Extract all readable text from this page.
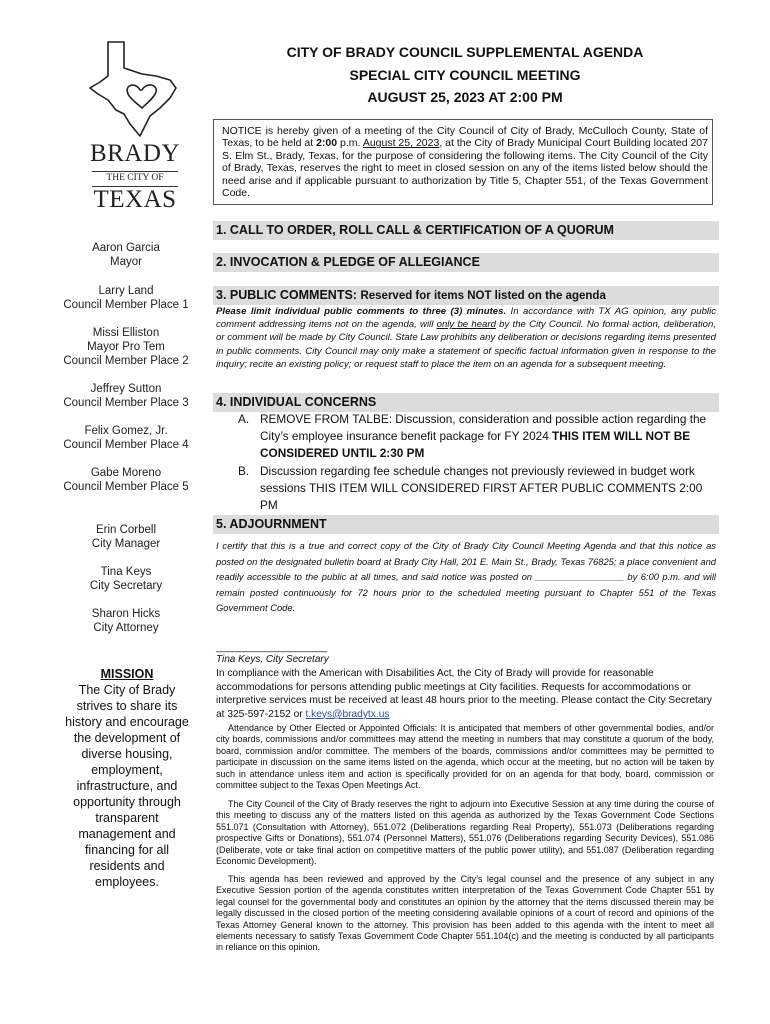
BRADY
THE CITY OF
TEXAS
Aaron Garcia
Mayor
Larry Land
Council Member Place 1
Missi Elliston
Mayor Pro Tem
Council Member Place 2
Jeffrey Sutton
Council Member Place 3
Felix Gomez, Jr.
Council Member Place 4
Gabe Moreno
Council Member Place 5
Erin Corbell
City Manager
Tina Keys
City Secretary
Sharon Hicks
City Attorney
MISSION
The City of Brady strives to share its history and encourage the development of diverse housing, employment, infrastructure, and opportunity through transparent management and financing for all residents and employees.
CITY OF BRADY COUNCIL SUPPLEMENTAL AGENDA
SPECIAL CITY COUNCIL MEETING
AUGUST 25, 2023 AT 2:00 PM
NOTICE is hereby given of a meeting of the City Council of City of Brady, McCulloch County, State of Texas, to be held at 2:00 p.m. August 25, 2023, at the City of Brady Municipal Court Building located 207 S. Elm St., Brady, Texas, for the purpose of considering the following items. The City Council of the City of Brady, Texas, reserves the right to meet in closed session on any of the items listed below should the need arise and if applicable pursuant to authorization by Title 5, Chapter 551, of the Texas Government Code.
1. CALL TO ORDER, ROLL CALL & CERTIFICATION OF A QUORUM
2. INVOCATION & PLEDGE OF ALLEGIANCE
3. PUBLIC COMMENTS: Reserved for items NOT listed on the agenda
Please limit individual public comments to three (3) minutes. In accordance with TX AG opinion, any public comment addressing items not on the agenda, will only be heard by the City Council. No formal action, deliberation, or comment will be made by City Council. State Law prohibits any deliberation or decisions regarding items presented in public comments. City Council may only make a statement of specific factual information given in response to the inquiry; recite an existing policy; or request staff to place the item on an agenda for a subsequent meeting.
4. INDIVIDUAL CONCERNS
A. REMOVE FROM TALBE: Discussion, consideration and possible action regarding the City’s employee insurance benefit package for FY 2024 THIS ITEM WILL NOT BE CONSIDERED UNTIL 2:30 PM
B. Discussion regarding fee schedule changes not previously reviewed in budget work sessions THIS ITEM WILL CONSIDERED FIRST AFTER PUBLIC COMMENTS 2:00 PM
5. ADJOURNMENT
I certify that this is a true and correct copy of the City of Brady City Council Meeting Agenda and that this notice as posted on the designated bulletin board at Brady City Hall, 201 E. Main St., Brady, Texas 76825; a place convenient and readily accessible to the public at all times, and said notice was posted on _________________ by 6:00 p.m. and will remain posted continuously for 72 hours prior to the scheduled meeting pursuant to Chapter 551 of the Texas Government Code.
____________________
Tina Keys, City Secretary
In compliance with the American with Disabilities Act, the City of Brady will provide for reasonable accommodations for persons attending public meetings at City facilities. Requests for accommodations or interpretive services must be received at least 48 hours prior to the meeting. Please contact the City Secretary at 325-597-2152 or t.keys@bradytx.us
Attendance by Other Elected or Appointed Officials: It is anticipated that members of other governmental bodies, and/or city boards, commissions and/or committees may attend the meeting in numbers that may constitute a quorum of the body, board, commission and/or committee. The members of the boards, commissions and/or committees may be permitted to participate in discussion on the same items listed on the agenda, which occur at the meeting, but no action will be taken by such in attendance unless item and action is specifically provided for on an agenda for that body, board, commission or committee subject to the Texas Open Meetings Act.
The City Council of the City of Brady reserves the right to adjourn into Executive Session at any time during the course of this meeting to discuss any of the matters listed on this agenda as authorized by the Texas Government Code Sections 551.071 (Consultation with Attorney), 551.072 (Deliberations regarding Real Property), 551.073 (Deliberations regarding prospective Gifts or Donations), 551.074 (Personnel Matters), 551.076 (Deliberations regarding Security Devices), 551.086 (Deliberate, vote or take final action on competitive matters of the public power utility), and 551.087 (Deliberation regarding Economic Development).
This agenda has been reviewed and approved by the City’s legal counsel and the presence of any subject in any Executive Session portion of the agenda constitutes written interpretation of the Texas Government Code Chapter 551 by legal counsel for the governmental body and constitutes an opinion by the attorney that the items discussed therein may be legally discussed in the closed portion of the meeting considering available opinions of a court of record and opinions of the Texas Attorney General known to the attorney. This provision has been added to this agenda with the intent to meet all elements necessary to satisfy Texas Government Code Chapter 551.104(c) and the meeting is conducted by all participants in reliance on this opinion.
